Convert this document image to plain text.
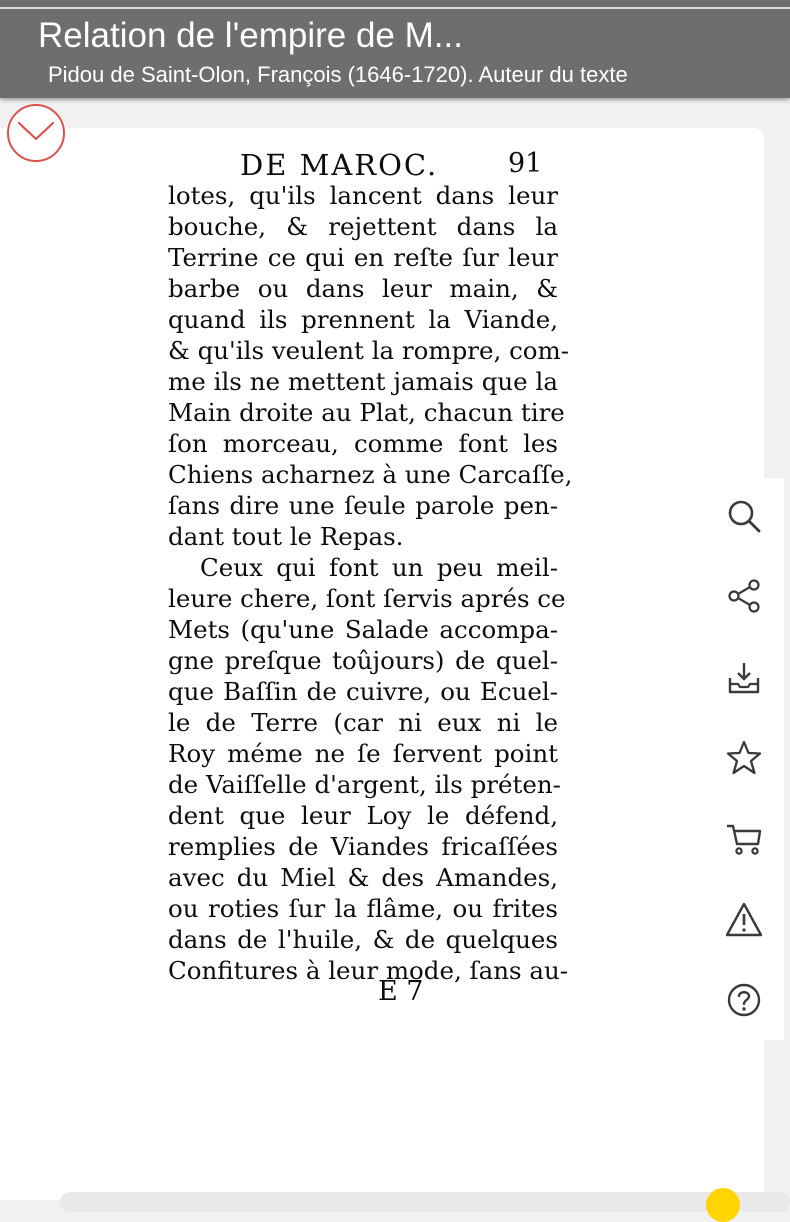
Relation de l'empire de M...
Pidou de Saint-Olon, François (1646-1720). Auteur du texte
DE MAROC.	91
lotes, qu'ils lancent dans leur
bouche, & rejettent dans la
Terrine ce qui en reſte ſur leur
barbe ou dans leur main, &
quand ils prennent la Viande,
& qu'ils veulent la rompre, com-
me ils ne mettent jamais que la
Main droite au Plat, chacun tire
ſon morceau, comme font les
Chiens acharnez à une Carcaſſe,
ſans dire une ſeule parole pen-
dant tout le Repas.
Ceux qui font un peu meil-
leure chere, ſont ſervis aprés ce
Mets (qu'une Salade accompa-
gne preſque toûjours) de quel-
que Baſſin de cuivre, ou Ecuel-
le de Terre (car ni eux ni le
Roy méme ne ſe ſervent point
de Vaiſſelle d'argent, ils préten-
dent que leur Loy le défend,
remplies de Viandes fricaſſées
avec du Miel & des Amandes,
ou roties ſur la flâme, ou frites
dans de l'huile, & de quelques
Confitures à leur mode, ſans au-
E 7
